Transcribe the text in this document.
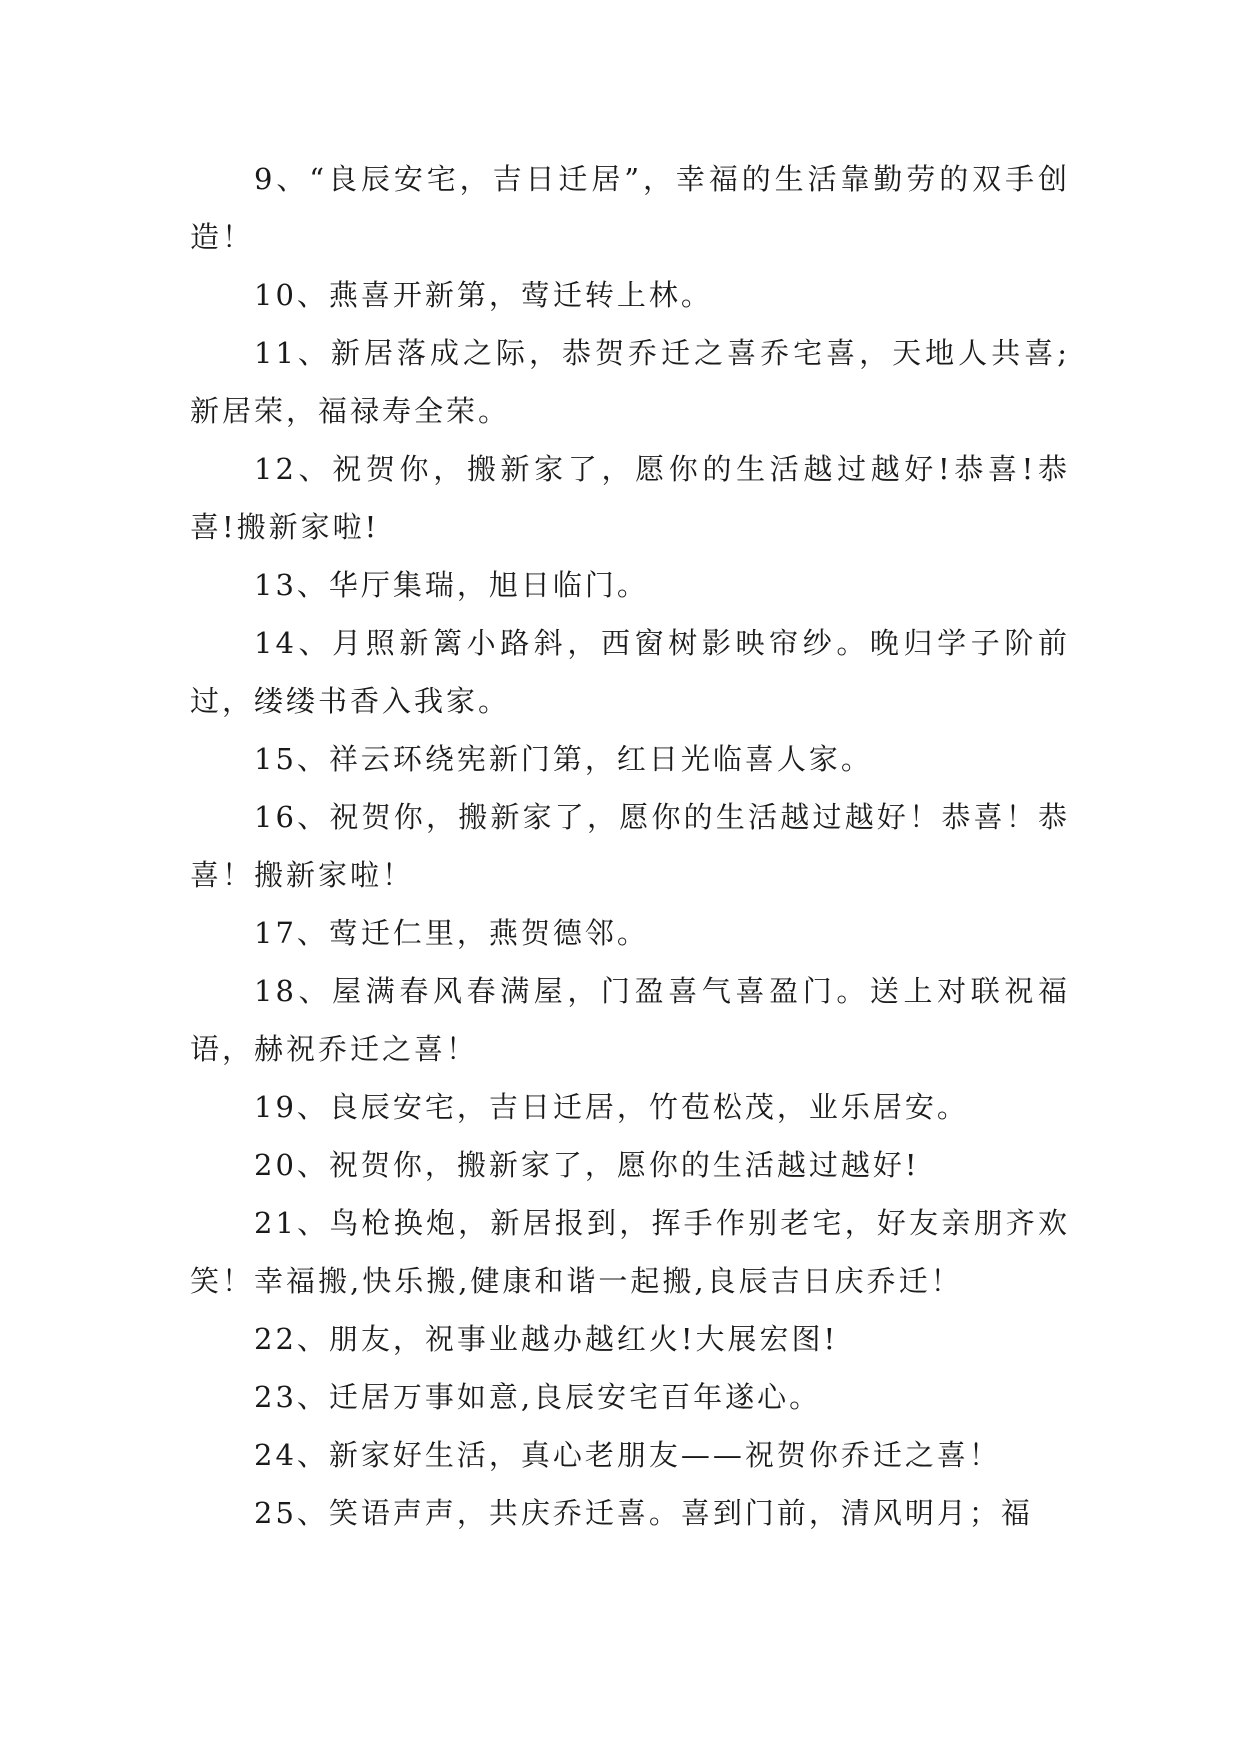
9、“良辰安宅，吉日迁居”，幸福的生活靠勤劳的双手创造！

10、燕喜开新第，莺迁转上林。

11、新居落成之际，恭贺乔迁之喜乔宅喜，天地人共喜;新居荣，福禄寿全荣。

12、祝贺你，搬新家了，愿你的生活越过越好!恭喜!恭喜!搬新家啦!

13、华厅集瑞，旭日临门。

14、月照新篱小路斜，西窗树影映帘纱。晚归学子阶前过，缕缕书香入我家。

15、祥云环绕宪新门第，红日光临喜人家。

16、祝贺你，搬新家了，愿你的生活越过越好！恭喜！恭喜！搬新家啦！

17、莺迁仁里，燕贺德邻。

18、屋满春风春满屋，门盈喜气喜盈门。送上对联祝福语，赫祝乔迁之喜！

19、良辰安宅，吉日迁居，竹苞松茂，业乐居安。

20、祝贺你，搬新家了，愿你的生活越过越好!

21、鸟枪换炮，新居报到，挥手作别老宅，好友亲朋齐欢笑！幸福搬,快乐搬,健康和谐一起搬,良辰吉日庆乔迁！

22、朋友，祝事业越办越红火!大展宏图!

23、迁居万事如意,良辰安宅百年遂心。

24、新家好生活，真心老朋友——祝贺你乔迁之喜！

25、笑语声声，共庆乔迁喜。喜到门前，清风明月；福
